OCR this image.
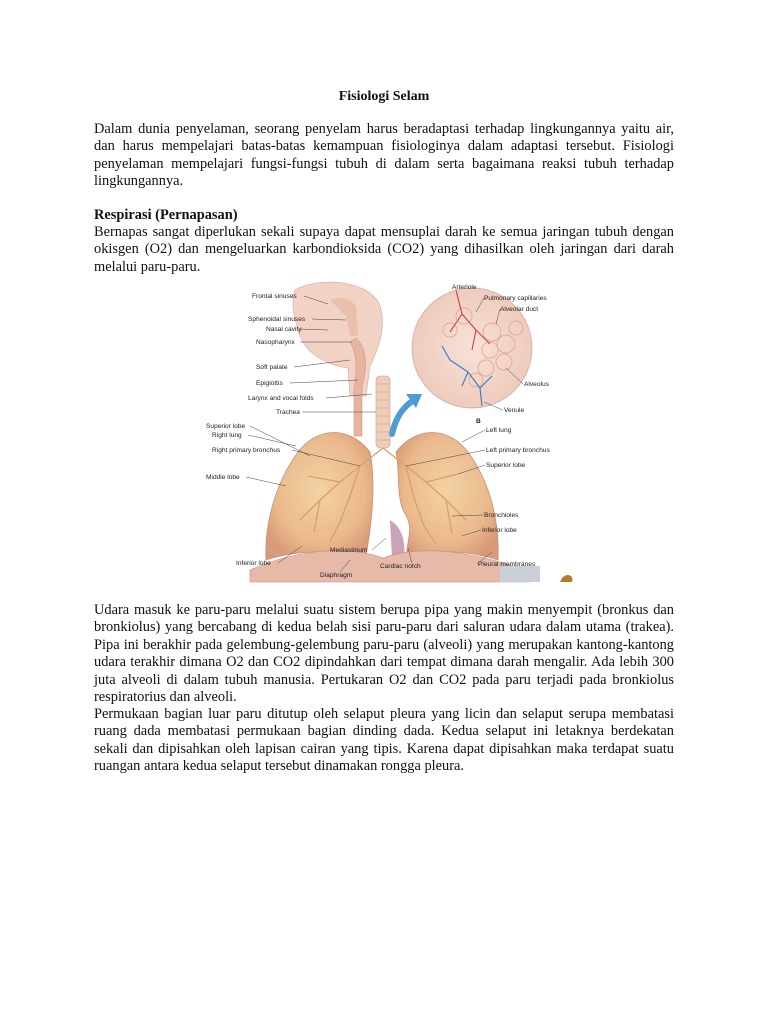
Fisiologi Selam

Dalam dunia penyelaman, seorang penyelam harus beradaptasi terhadap lingkungannya yaitu air, dan harus mempelajari batas-batas kemampuan fisiologinya dalam adaptasi tersebut. Fisiologi penyelaman mempelajari fungsi-fungsi tubuh di dalam serta bagaimana reaksi tubuh terhadap lingkungannya.

Respirasi (Pernapasan)

Bernapas sangat diperlukan sekali supaya dapat mensuplai darah ke semua jaringan tubuh dengan okisgen (O2) dan mengeluarkan karbondioksida (CO2) yang dihasilkan oleh jaringan dari darah melalui paru-paru.

Frontal sinuses
Sphenoidal sinuses
Nasal cavity
Nasopharynx
Soft palate
Epiglottis
Larynx and vocal folds
Trachea
Superior lobe
Right lung
Right primary bronchus
Middle lobe
Inferior lobe
Mediastinum
Diaphragm
Cardiac notch
Arteriole
Pulmonary capillaries
Alveolar duct
Alveolus
Venule
B
Left lung
Left primary bronchus
Superior lobe
Bronchioles
Inferior lobe
Pleural membranes

Udara masuk ke paru-paru melalui suatu sistem berupa pipa yang makin menyempit (bronkus dan bronkiolus) yang bercabang di kedua belah sisi paru-paru dari saluran udara dalam utama (trakea). Pipa ini berakhir pada gelembung-gelembung paru-paru (alveoli) yang merupakan kantong-kantong udara terakhir dimana O2 dan CO2 dipindahkan dari tempat dimana darah mengalir. Ada lebih 300 juta alveoli di dalam tubuh manusia. Pertukaran O2 dan CO2 pada paru terjadi pada bronkiolus respiratorius dan alveoli.

Permukaan bagian luar paru ditutup oleh selaput pleura yang licin dan selaput serupa membatasi ruang dada membatasi permukaan bagian dinding dada. Kedua selaput ini letaknya berdekatan sekali dan dipisahkan oleh lapisan cairan yang tipis. Karena dapat dipisahkan maka terdapat suatu ruangan antara kedua selaput tersebut dinamakan rongga pleura.
